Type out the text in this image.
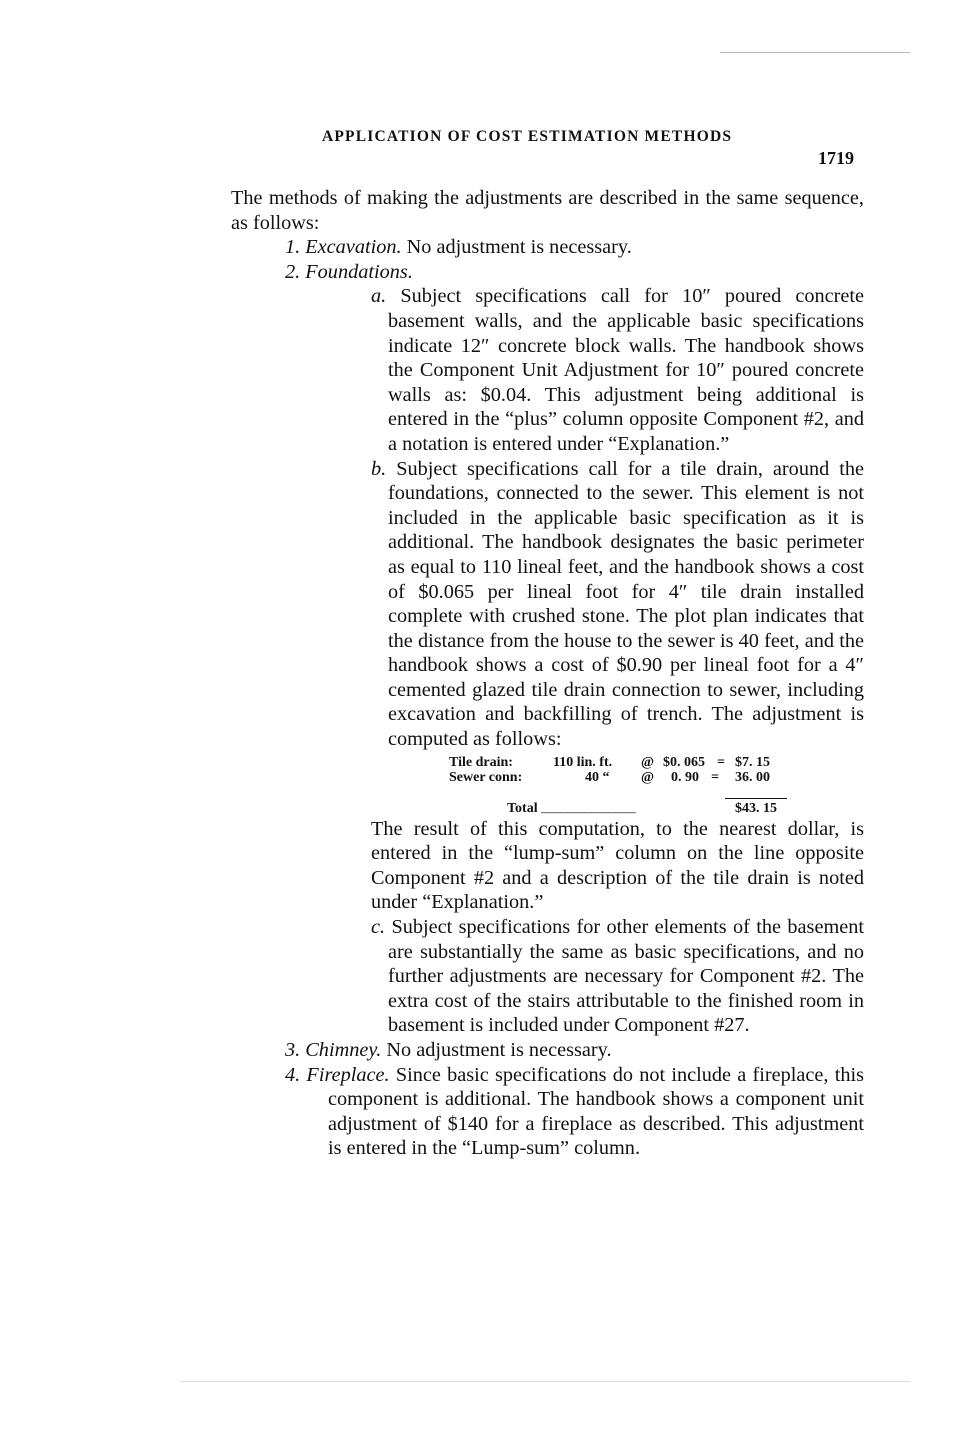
APPLICATION OF COST ESTIMATION METHODS
1719

The methods of making the adjustments are described in the same sequence, as follows:

1. Excavation. No adjustment is necessary.

2. Foundations.

a. Subject specifications call for 10″ poured concrete basement walls, and the applicable basic specifications indicate 12″ concrete block walls. The handbook shows the Component Unit Adjustment for 10″ poured concrete walls as: $0.04. This adjustment being additional is entered in the “plus” column opposite Component #2, and a notation is entered under “Explanation.”

b. Subject specifications call for a tile drain, around the foundations, connected to the sewer. This element is not included in the applicable basic specification as it is additional. The handbook designates the basic perimeter as equal to 110 lineal feet, and the handbook shows a cost of $0.065 per lineal foot for 4″ tile drain installed complete with crushed stone. The plot plan indicates that the distance from the house to the sewer is 40 feet, and the handbook shows a cost of $0.90 per lineal foot for a 4″ cemented glazed tile drain connection to sewer, including excavation and backfilling of trench. The adjustment is computed as follows:

Tile drain:	110 lin. ft. @ $0. 065 = $7. 15
Sewer conn:	40 “ @ 0. 90 = 36. 00
Total _ _ _ _ _ _ _ _ _ _ _ _ _ _ _ _ _ _ _ _	$43. 15

The result of this computation, to the nearest dollar, is entered in the “lump-sum” column on the line opposite Component #2 and a description of the tile drain is noted under “Explanation.”

c. Subject specifications for other elements of the basement are substantially the same as basic specifications, and no further adjustments are necessary for Component #2. The extra cost of the stairs attributable to the finished room in basement is included under Component #27.

3. Chimney. No adjustment is necessary.

4. Fireplace. Since basic specifications do not include a fireplace, this component is additional. The handbook shows a component unit adjustment of $140 for a fireplace as described. This adjustment is entered in the “Lump-sum” column.
